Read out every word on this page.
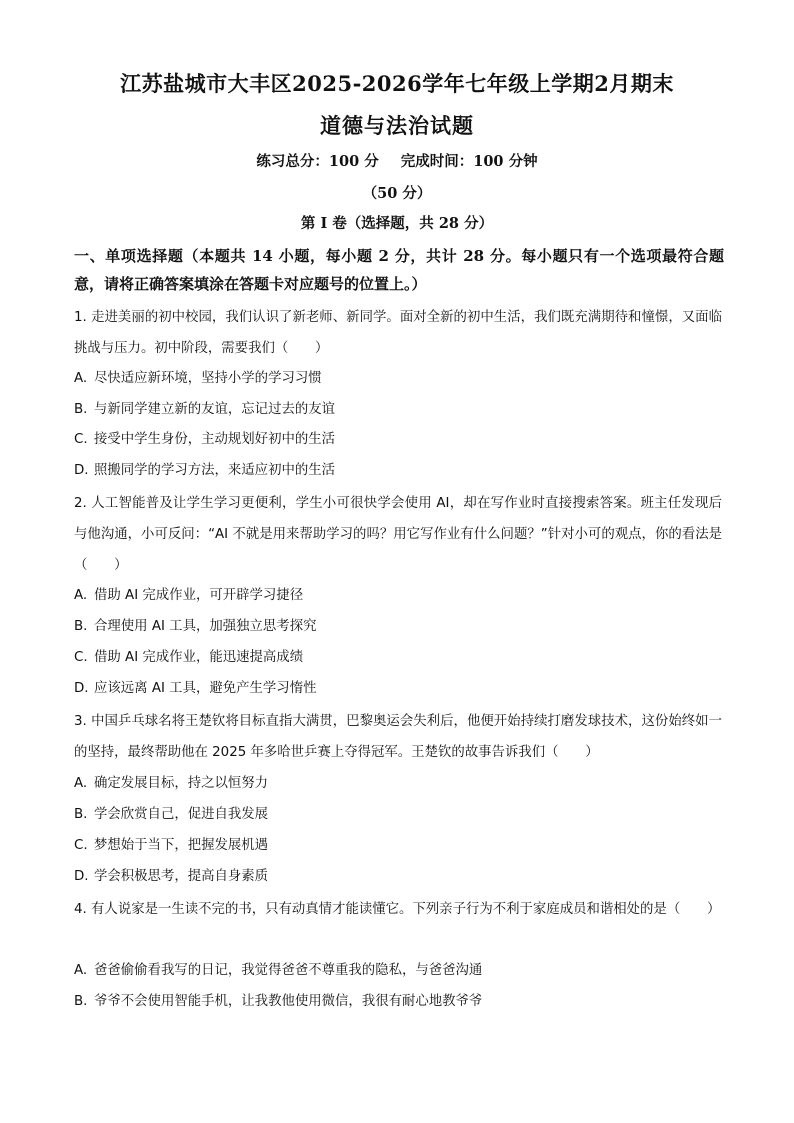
江苏盐城市大丰区2025-2026学年七年级上学期2月期末
道德与法治试题
练习总分：100 分 完成时间：100 分钟
（50 分）
第 I 卷（选择题，共 28 分）
一、单项选择题（本题共 14 小题，每小题 2 分，共计 28 分。每小题只有一个选项最符合题意，请将正确答案填涂在答题卡对应题号的位置上。）
1. 走进美丽的初中校园，我们认识了新老师、新同学。面对全新的初中生活，我们既充满期待和憧憬，又面临挑战与压力。初中阶段，需要我们（　　）
A. 尽快适应新环境，坚持小学的学习习惯
B. 与新同学建立新的友谊，忘记过去的友谊
C. 接受中学生身份，主动规划好初中的生活
D. 照搬同学的学习方法，来适应初中的生活
2. 人工智能普及让学生学习更便利，学生小可很快学会使用 AI，却在写作业时直接搜索答案。班主任发现后与他沟通，小可反问：“AI 不就是用来帮助学习的吗？用它写作业有什么问题？”针对小可的观点，你的看法是（　　）
A. 借助 AI 完成作业，可开辟学习捷径
B. 合理使用 AI 工具，加强独立思考探究
C. 借助 AI 完成作业，能迅速提高成绩
D. 应该远离 AI 工具，避免产生学习惰性
3. 中国乒乓球名将王楚钦将目标直指大满贯，巴黎奥运会失利后，他便开始持续打磨发球技术，这份始终如一的坚持，最终帮助他在 2025 年多哈世乒赛上夺得冠军。王楚钦的故事告诉我们（　　）
A. 确定发展目标，持之以恒努力
B. 学会欣赏自己，促进自我发展
C. 梦想始于当下，把握发展机遇
D. 学会积极思考，提高自身素质
4. 有人说家是一生读不完的书，只有动真情才能读懂它。下列亲子行为不利于家庭成员和谐相处的是（　　）
A. 爸爸偷偷看我写的日记，我觉得爸爸不尊重我的隐私，与爸爸沟通
B. 爷爷不会使用智能手机，让我教他使用微信，我很有耐心地教爷爷
